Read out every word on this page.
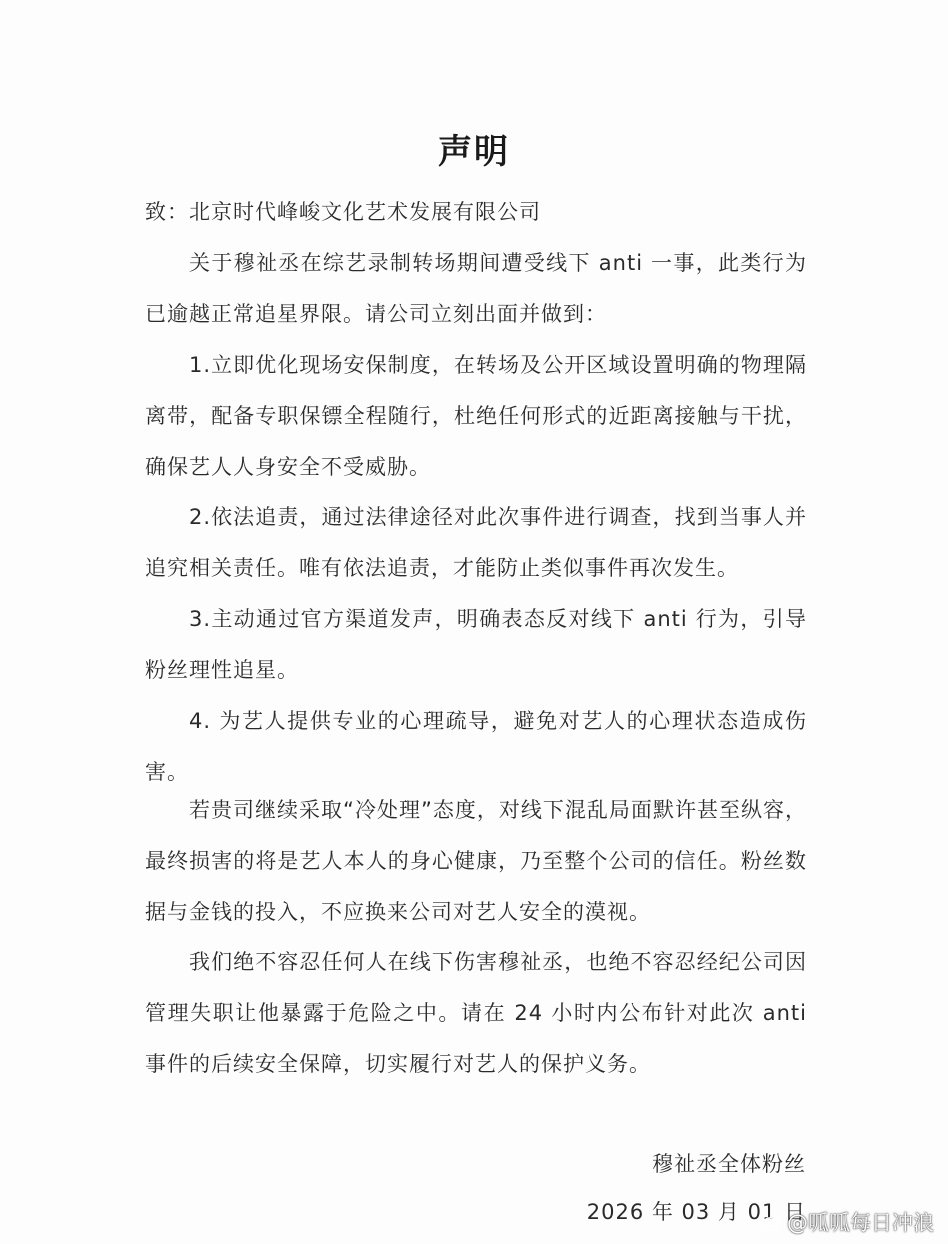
声明
致：北京时代峰峻文化艺术发展有限公司
关于穆祉丞在综艺录制转场期间遭受线下 anti 一事，此类行为已逾越正常追星界限。请公司立刻出面并做到：
1.立即优化现场安保制度，在转场及公开区域设置明确的物理隔离带，配备专职保镖全程随行，杜绝任何形式的近距离接触与干扰，确保艺人人身安全不受威胁。
2.依法追责，通过法律途径对此次事件进行调查，找到当事人并追究相关责任。唯有依法追责，才能防止类似事件再次发生。
3.主动通过官方渠道发声，明确表态反对线下 anti 行为，引导粉丝理性追星。
4. 为艺人提供专业的心理疏导，避免对艺人的心理状态造成伤害。
若贵司继续采取“冷处理”态度，对线下混乱局面默许甚至纵容，最终损害的将是艺人本人的身心健康，乃至整个公司的信任。粉丝数据与金钱的投入，不应换来公司对艺人安全的漠视。
我们绝不容忍任何人在线下伤害穆祉丞，也绝不容忍经纪公司因管理失职让他暴露于危险之中。请在 24 小时内公布针对此次 anti 事件的后续安全保障，切实履行对艺人的保护义务。
穆祉丞全体粉丝
2026 年 03 月 01 日
@呱呱每日冲浪
